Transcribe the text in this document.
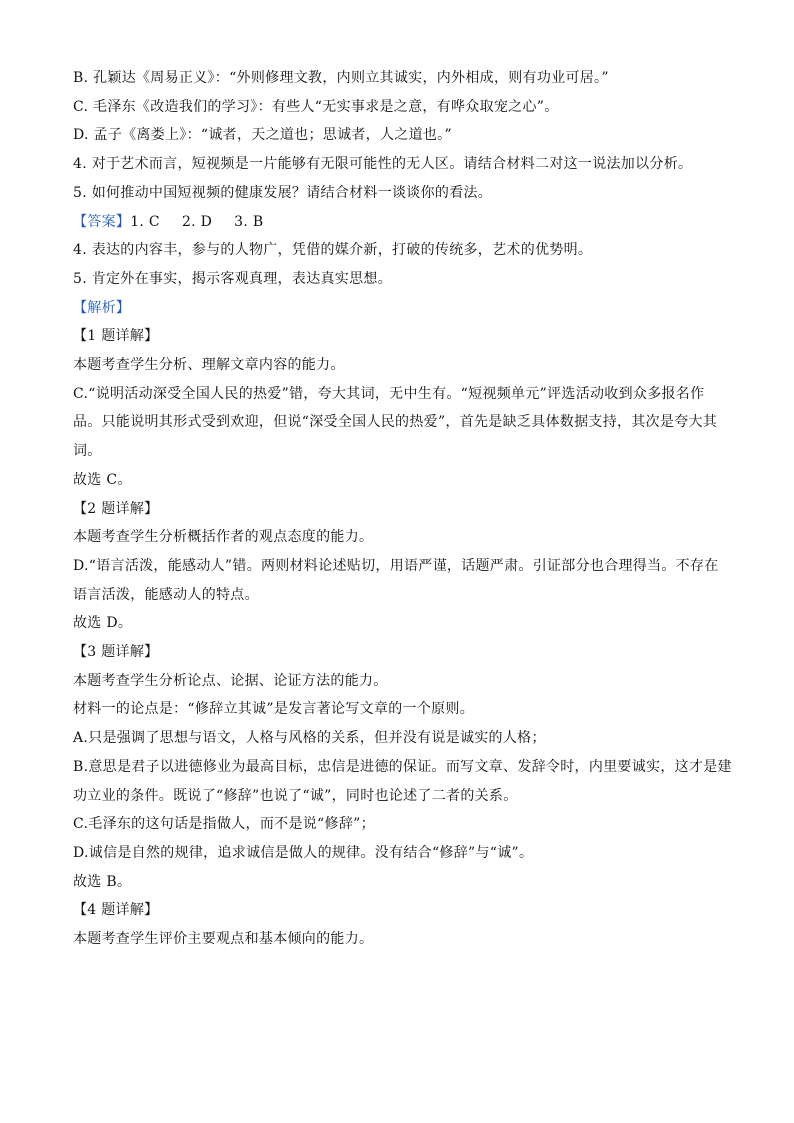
B. 孔颖达《周易正义》：“外则修理文教，内则立其诚实，内外相成，则有功业可居。”
C. 毛泽东《改造我们的学习》：有些人“无实事求是之意，有哗众取宠之心”。
D. 孟子《离娄上》：“诚者，天之道也；思诚者，人之道也。”
4. 对于艺术而言，短视频是一片能够有无限可能性的无人区。请结合材料二对这一说法加以分析。
5. 如何推动中国短视频的健康发展？请结合材料一谈谈你的看法。
【答案】1. C 2. D 3. B
4. 表达的内容丰，参与的人物广，凭借的媒介新，打破的传统多，艺术的优势明。
5. 肯定外在事实，揭示客观真理，表达真实思想。
【解析】
【1 题详解】
本题考查学生分析、理解文章内容的能力。
C.“说明活动深受全国人民的热爱”错，夸大其词，无中生有。“短视频单元”评选活动收到众多报名作
品。只能说明其形式受到欢迎，但说“深受全国人民的热爱”，首先是缺乏具体数据支持，其次是夸大其
词。
故选 C。
【2 题详解】
本题考查学生分析概括作者的观点态度的能力。
D.“语言活泼，能感动人”错。两则材料论述贴切，用语严谨，话题严肃。引证部分也合理得当。不存在
语言活泼，能感动人的特点。
故选 D。
【3 题详解】
本题考查学生分析论点、论据、论证方法的能力。
材料一的论点是：“修辞立其诚”是发言著论写文章的一个原则。
A.只是强调了思想与语文，人格与风格的关系，但并没有说是诚实的人格；
B.意思是君子以进德修业为最高目标，忠信是进德的保证。而写文章、发辞令时，内里要诚实，这才是建
功立业的条件。既说了“修辞”也说了“诚”，同时也论述了二者的关系。
C.毛泽东的这句话是指做人，而不是说“修辞”；
D.诚信是自然的规律，追求诚信是做人的规律。没有结合“修辞”与“诚”。
故选 B。
【4 题详解】
本题考查学生评价主要观点和基本倾向的能力。
